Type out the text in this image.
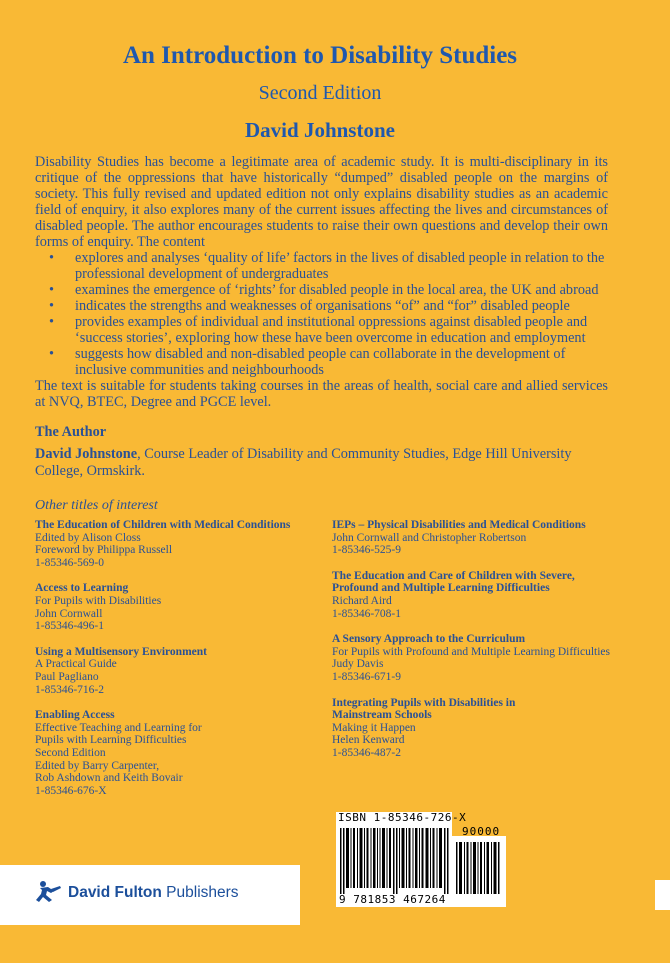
An Introduction to Disability Studies
Second Edition
David Johnstone

Disability Studies has become a legitimate area of academic study. It is multi-disciplinary in its critique of the oppressions that have historically “dumped” disabled people on the margins of society. This fully revised and updated edition not only explains disability studies as an academic field of enquiry, it also explores many of the current issues affecting the lives and circumstances of disabled people. The author encourages students to raise their own questions and develop their own forms of enquiry. The content

• explores and analyses ‘quality of life’ factors in the lives of disabled people in relation to the professional development of undergraduates
• examines the emergence of ‘rights’ for disabled people in the local area, the UK and abroad
• indicates the strengths and weaknesses of organisations “of” and “for” disabled people
• provides examples of individual and institutional oppressions against disabled people and ‘success stories’, exploring how these have been overcome in education and employment
• suggests how disabled and non-disabled people can collaborate in the development of inclusive communities and neighbourhoods

The text is suitable for students taking courses in the areas of health, social care and allied services at NVQ, BTEC, Degree and PGCE level.

The Author
David Johnstone, Course Leader of Disability and Community Studies, Edge Hill University College, Ormskirk.
Other titles of interest
The Education of Children with Medical Conditions
Edited by Alison Closs
Foreword by Philippa Russell
1-85346-569-0
Access to Learning
For Pupils with Disabilities
John Cornwall
1-85346-496-1
Using a Multisensory Environment
A Practical Guide
Paul Pagliano
1-85346-716-2
Enabling Access
Effective Teaching and Learning for
Pupils with Learning Difficulties
Second Edition
Edited by Barry Carpenter,
Rob Ashdown and Keith Bovair
1-85346-676-X
IEPs – Physical Disabilities and Medical Conditions
John Cornwall and Christopher Robertson
1-85346-525-9
The Education and Care of Children with Severe,
Profound and Multiple Learning Difficulties
Richard Aird
1-85346-708-1
A Sensory Approach to the Curriculum
For Pupils with Profound and Multiple Learning Difficulties
Judy Davis
1-85346-671-9
Integrating Pupils with Disabilities in
Mainstream Schools
Making it Happen
Helen Kenward
1-85346-487-2
ISBN 1-85346-726-X
90000
9 781853 467264
David Fulton Publishers
